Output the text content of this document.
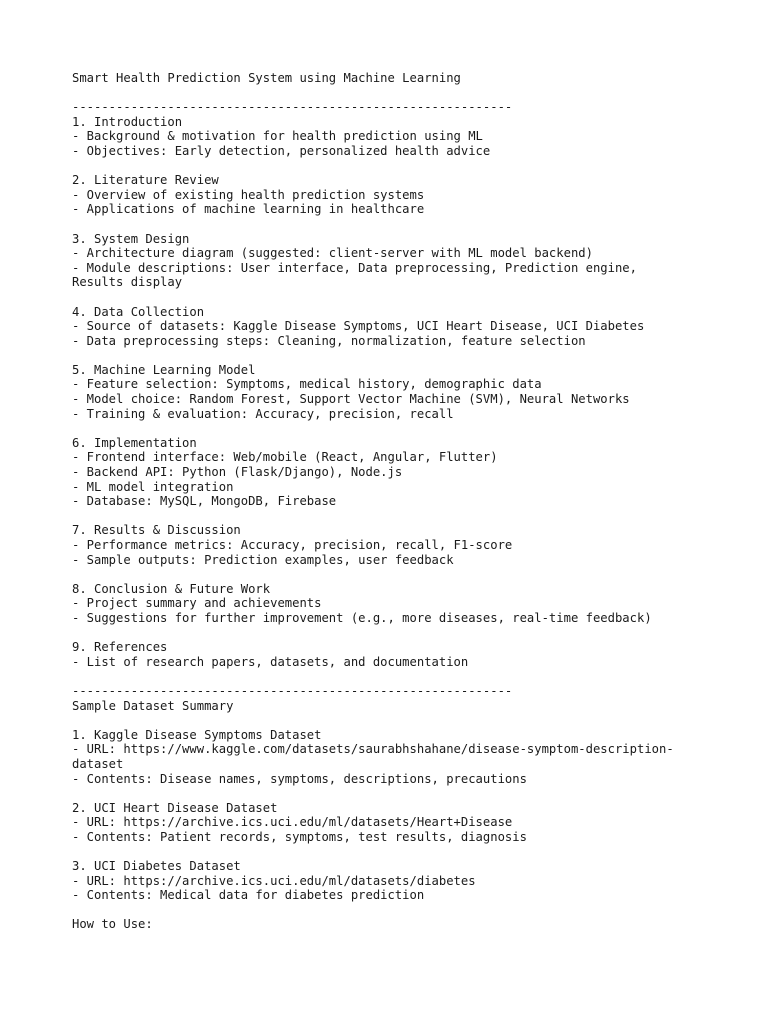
Smart Health Prediction System using Machine Learning
------------------------------------------------------------
1. Introduction
- Background & motivation for health prediction using ML
- Objectives: Early detection, personalized health advice
2. Literature Review
- Overview of existing health prediction systems
- Applications of machine learning in healthcare
3. System Design
- Architecture diagram (suggested: client-server with ML model backend)
- Module descriptions: User interface, Data preprocessing, Prediction engine,
Results display
4. Data Collection
- Source of datasets: Kaggle Disease Symptoms, UCI Heart Disease, UCI Diabetes
- Data preprocessing steps: Cleaning, normalization, feature selection
5. Machine Learning Model
- Feature selection: Symptoms, medical history, demographic data
- Model choice: Random Forest, Support Vector Machine (SVM), Neural Networks
- Training & evaluation: Accuracy, precision, recall
6. Implementation
- Frontend interface: Web/mobile (React, Angular, Flutter)
- Backend API: Python (Flask/Django), Node.js
- ML model integration
- Database: MySQL, MongoDB, Firebase
7. Results & Discussion
- Performance metrics: Accuracy, precision, recall, F1-score
- Sample outputs: Prediction examples, user feedback
8. Conclusion & Future Work
- Project summary and achievements
- Suggestions for further improvement (e.g., more diseases, real-time feedback)
9. References
- List of research papers, datasets, and documentation
------------------------------------------------------------
Sample Dataset Summary
1. Kaggle Disease Symptoms Dataset
- URL: https://www.kaggle.com/datasets/saurabhshahane/disease-symptom-description-
dataset
- Contents: Disease names, symptoms, descriptions, precautions
2. UCI Heart Disease Dataset
- URL: https://archive.ics.uci.edu/ml/datasets/Heart+Disease
- Contents: Patient records, symptoms, test results, diagnosis
3. UCI Diabetes Dataset
- URL: https://archive.ics.uci.edu/ml/datasets/diabetes
- Contents: Medical data for diabetes prediction
How to Use:
